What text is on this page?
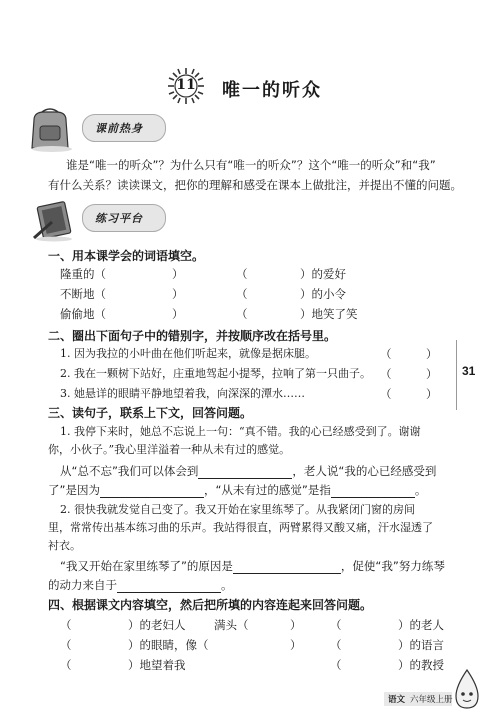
11	唯一的听众
课前热身
谁是“唯一的听众”？为什么只有“唯一的听众”？这个“唯一的听众”和“我”
有什么关系？读读课文，把你的理解和感受在课本上做批注，并提出不懂的问题。
练习平台
一、用本课学会的词语填空。
隆重的（	）	（	）的爱好
不断地（	）	（	）的小令
偷偷地（	）	（	）地笑了笑
二、圈出下面句子中的错别字，并按顺序改在括号里。
1. 因为我拉的小叶曲在他们听起来，就像是据床腿。	（　　　）
2. 我在一颗树下站好，庄重地驾起小提琴，拉响了第一只曲子。 （　　　）
3. 她悬详的眼睛平静地望着我，向深深的潭水……	（　　　）
三、读句子，联系上下文，回答问题。
1. 我停下来时，她总不忘说上一句：“真不错。我的心已经感受到了。谢谢
你，小伙子。”我心里洋溢着一种从未有过的感觉。
从“总不忘”我们可以体会到	，老人说“我的心已经感受到
了”是因为	，“从未有过的感觉”是指	。
2. 很快我就发觉自己变了。我又开始在家里练琴了。从我紧闭门窗的房间
里，常常传出基本练习曲的乐声。我站得很直，两臂累得又酸又痛，汗水湿透了
衬衣。
“我又开始在家里练琴了”的原因是	，促使“我”努力练琴
的动力来自于	。
四、根据课文内容填空，然后把所填的内容连起来回答问题。
（	）的老妇人 满头（	） （	）的老人
（	）的眼睛，像（	） （	）的语言
（	）地望着我	（	）的教授
31
语文 六年级上册
